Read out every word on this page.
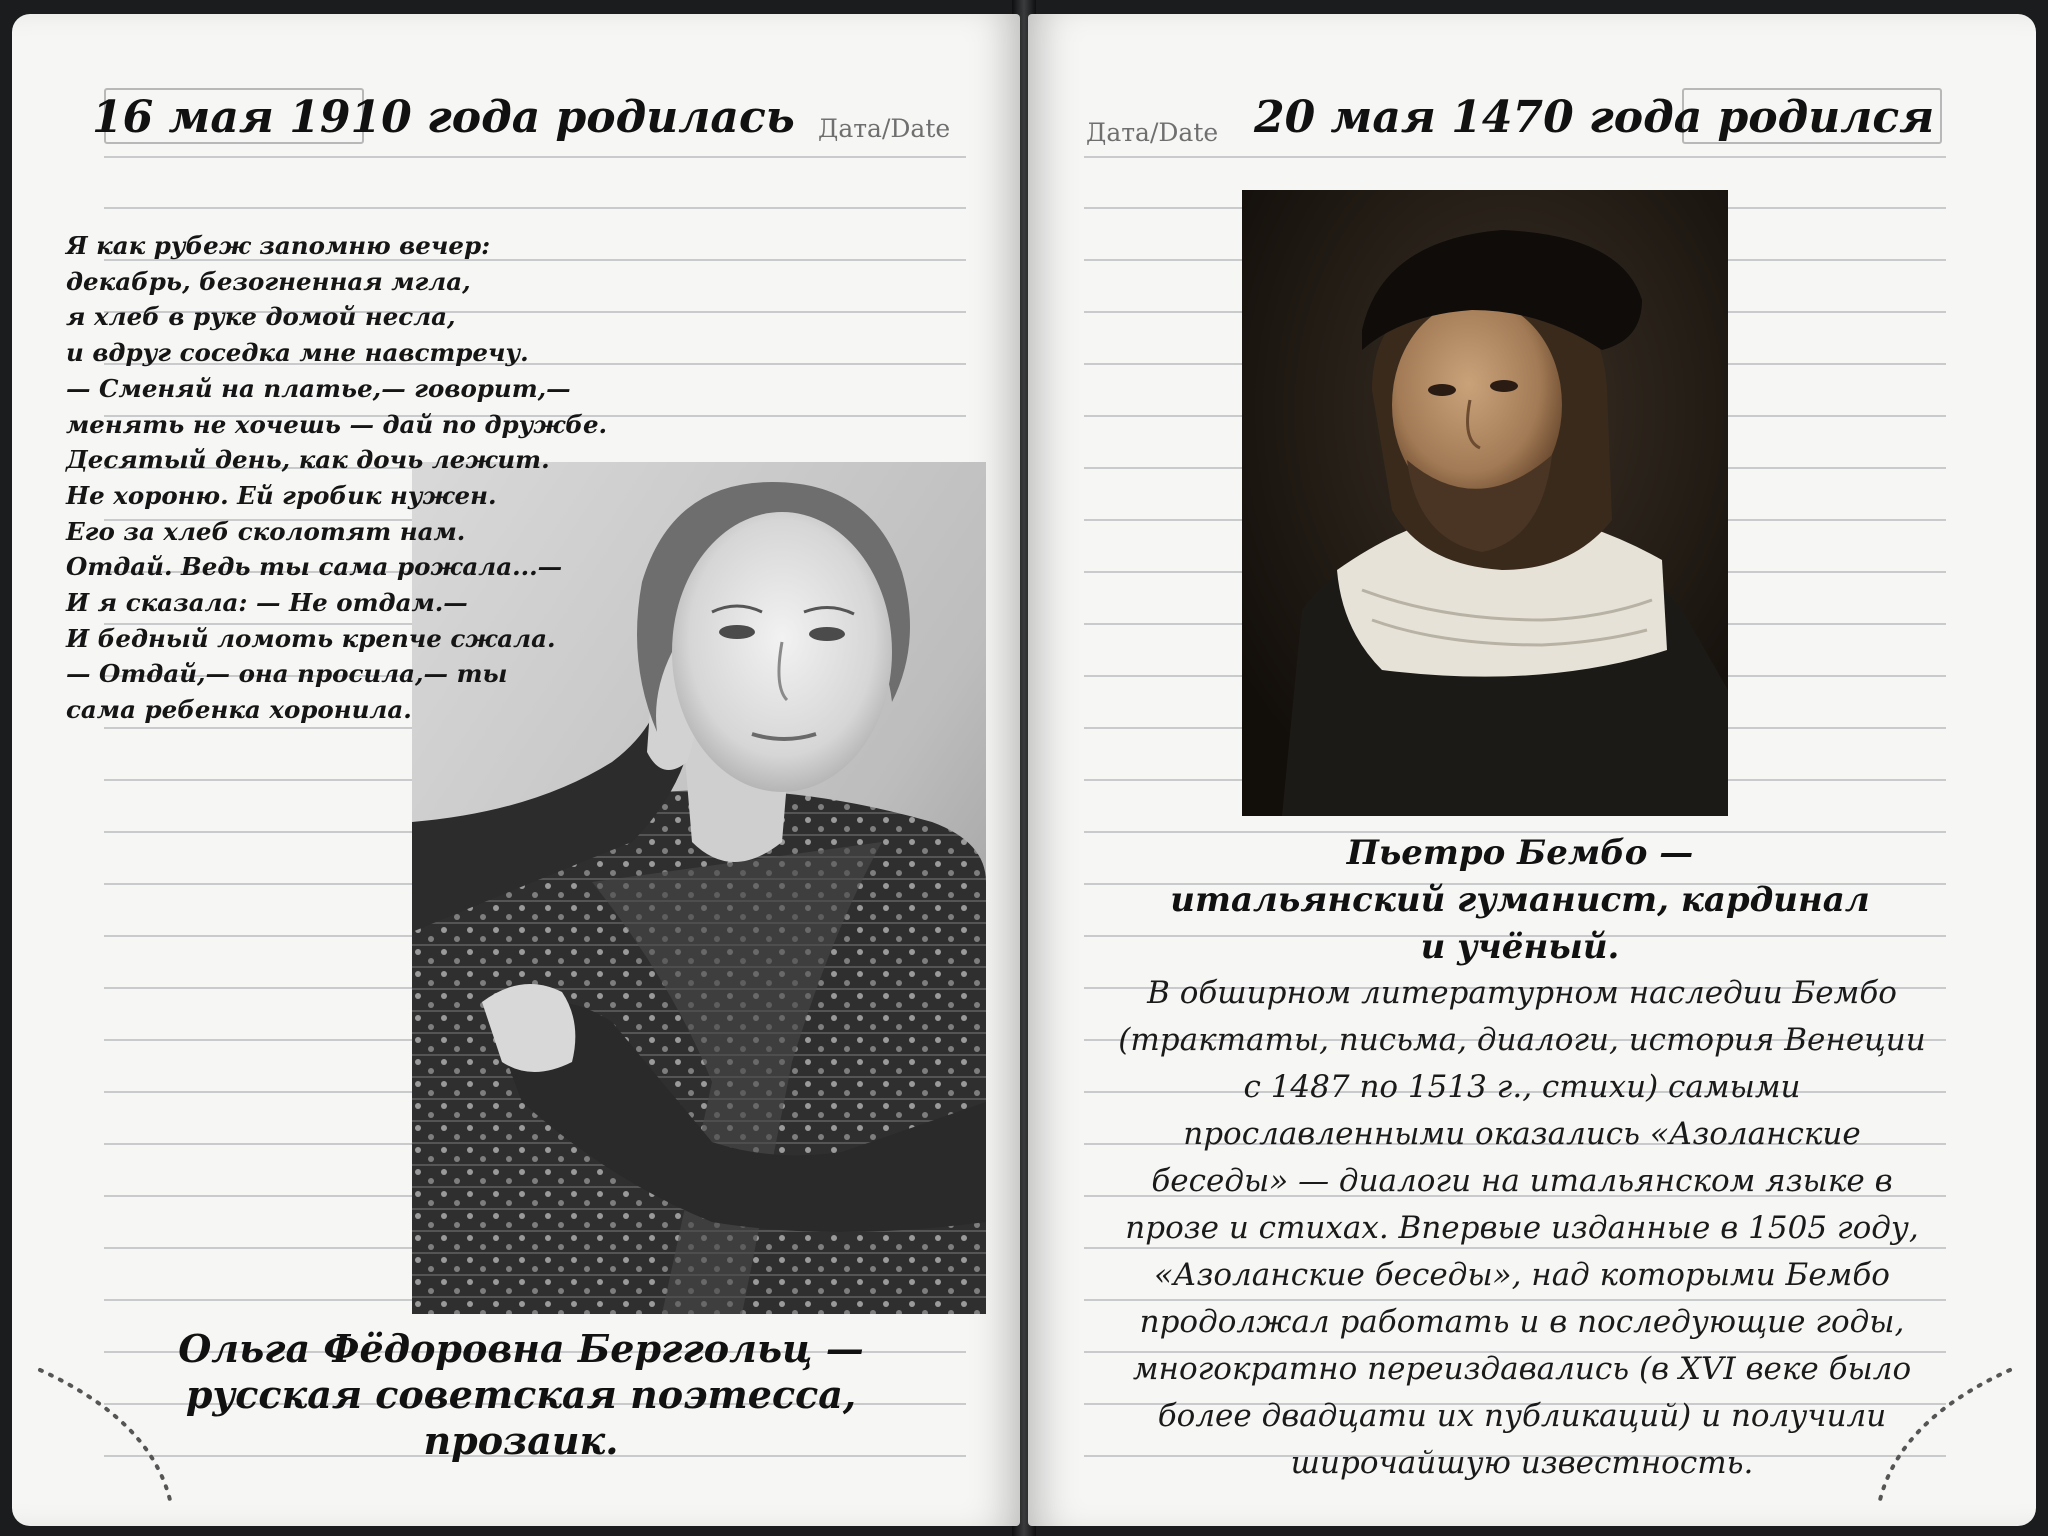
Дата/Date	Дата/Date
16 мая 1910 года родилась	20 мая 1470 года родился
Я как рубеж запомню вечер:
декабрь, безогненная мгла,
я хлеб в руке домой несла,
и вдруг соседка мне навстречу.
— Сменяй на платье,— говорит,—
менять не хочешь — дай по дружбе.
Десятый день, как дочь лежит.
Не хороню. Ей гробик нужен.
Его за хлеб сколотят нам.
Отдай. Ведь ты сама рожала...—
И я сказала: — Не отдам.—
И бедный ломоть крепче сжала.
— Отдай,— она просила,— ты
сама ребенка хоронила.
Ольга Фёдоровна Берггольц —
русская советская поэтесса,
прозаик.
Пьетро Бембо —
итальянский гуманист, кардинал
и учёный.
В обширном литературном наследии Бембо
(трактаты, письма, диалоги, история Венеции
с 1487 по 1513 г., стихи) самыми
прославленными оказались «Азоланские
беседы» — диалоги на итальянском языке в
прозе и стихах. Впервые изданные в 1505 году,
«Азоланские беседы», над которыми Бембо
продолжал работать и в последующие годы,
многократно переиздавались (в XVI веке было
более двадцати их публикаций) и получили
широчайшую известность.
